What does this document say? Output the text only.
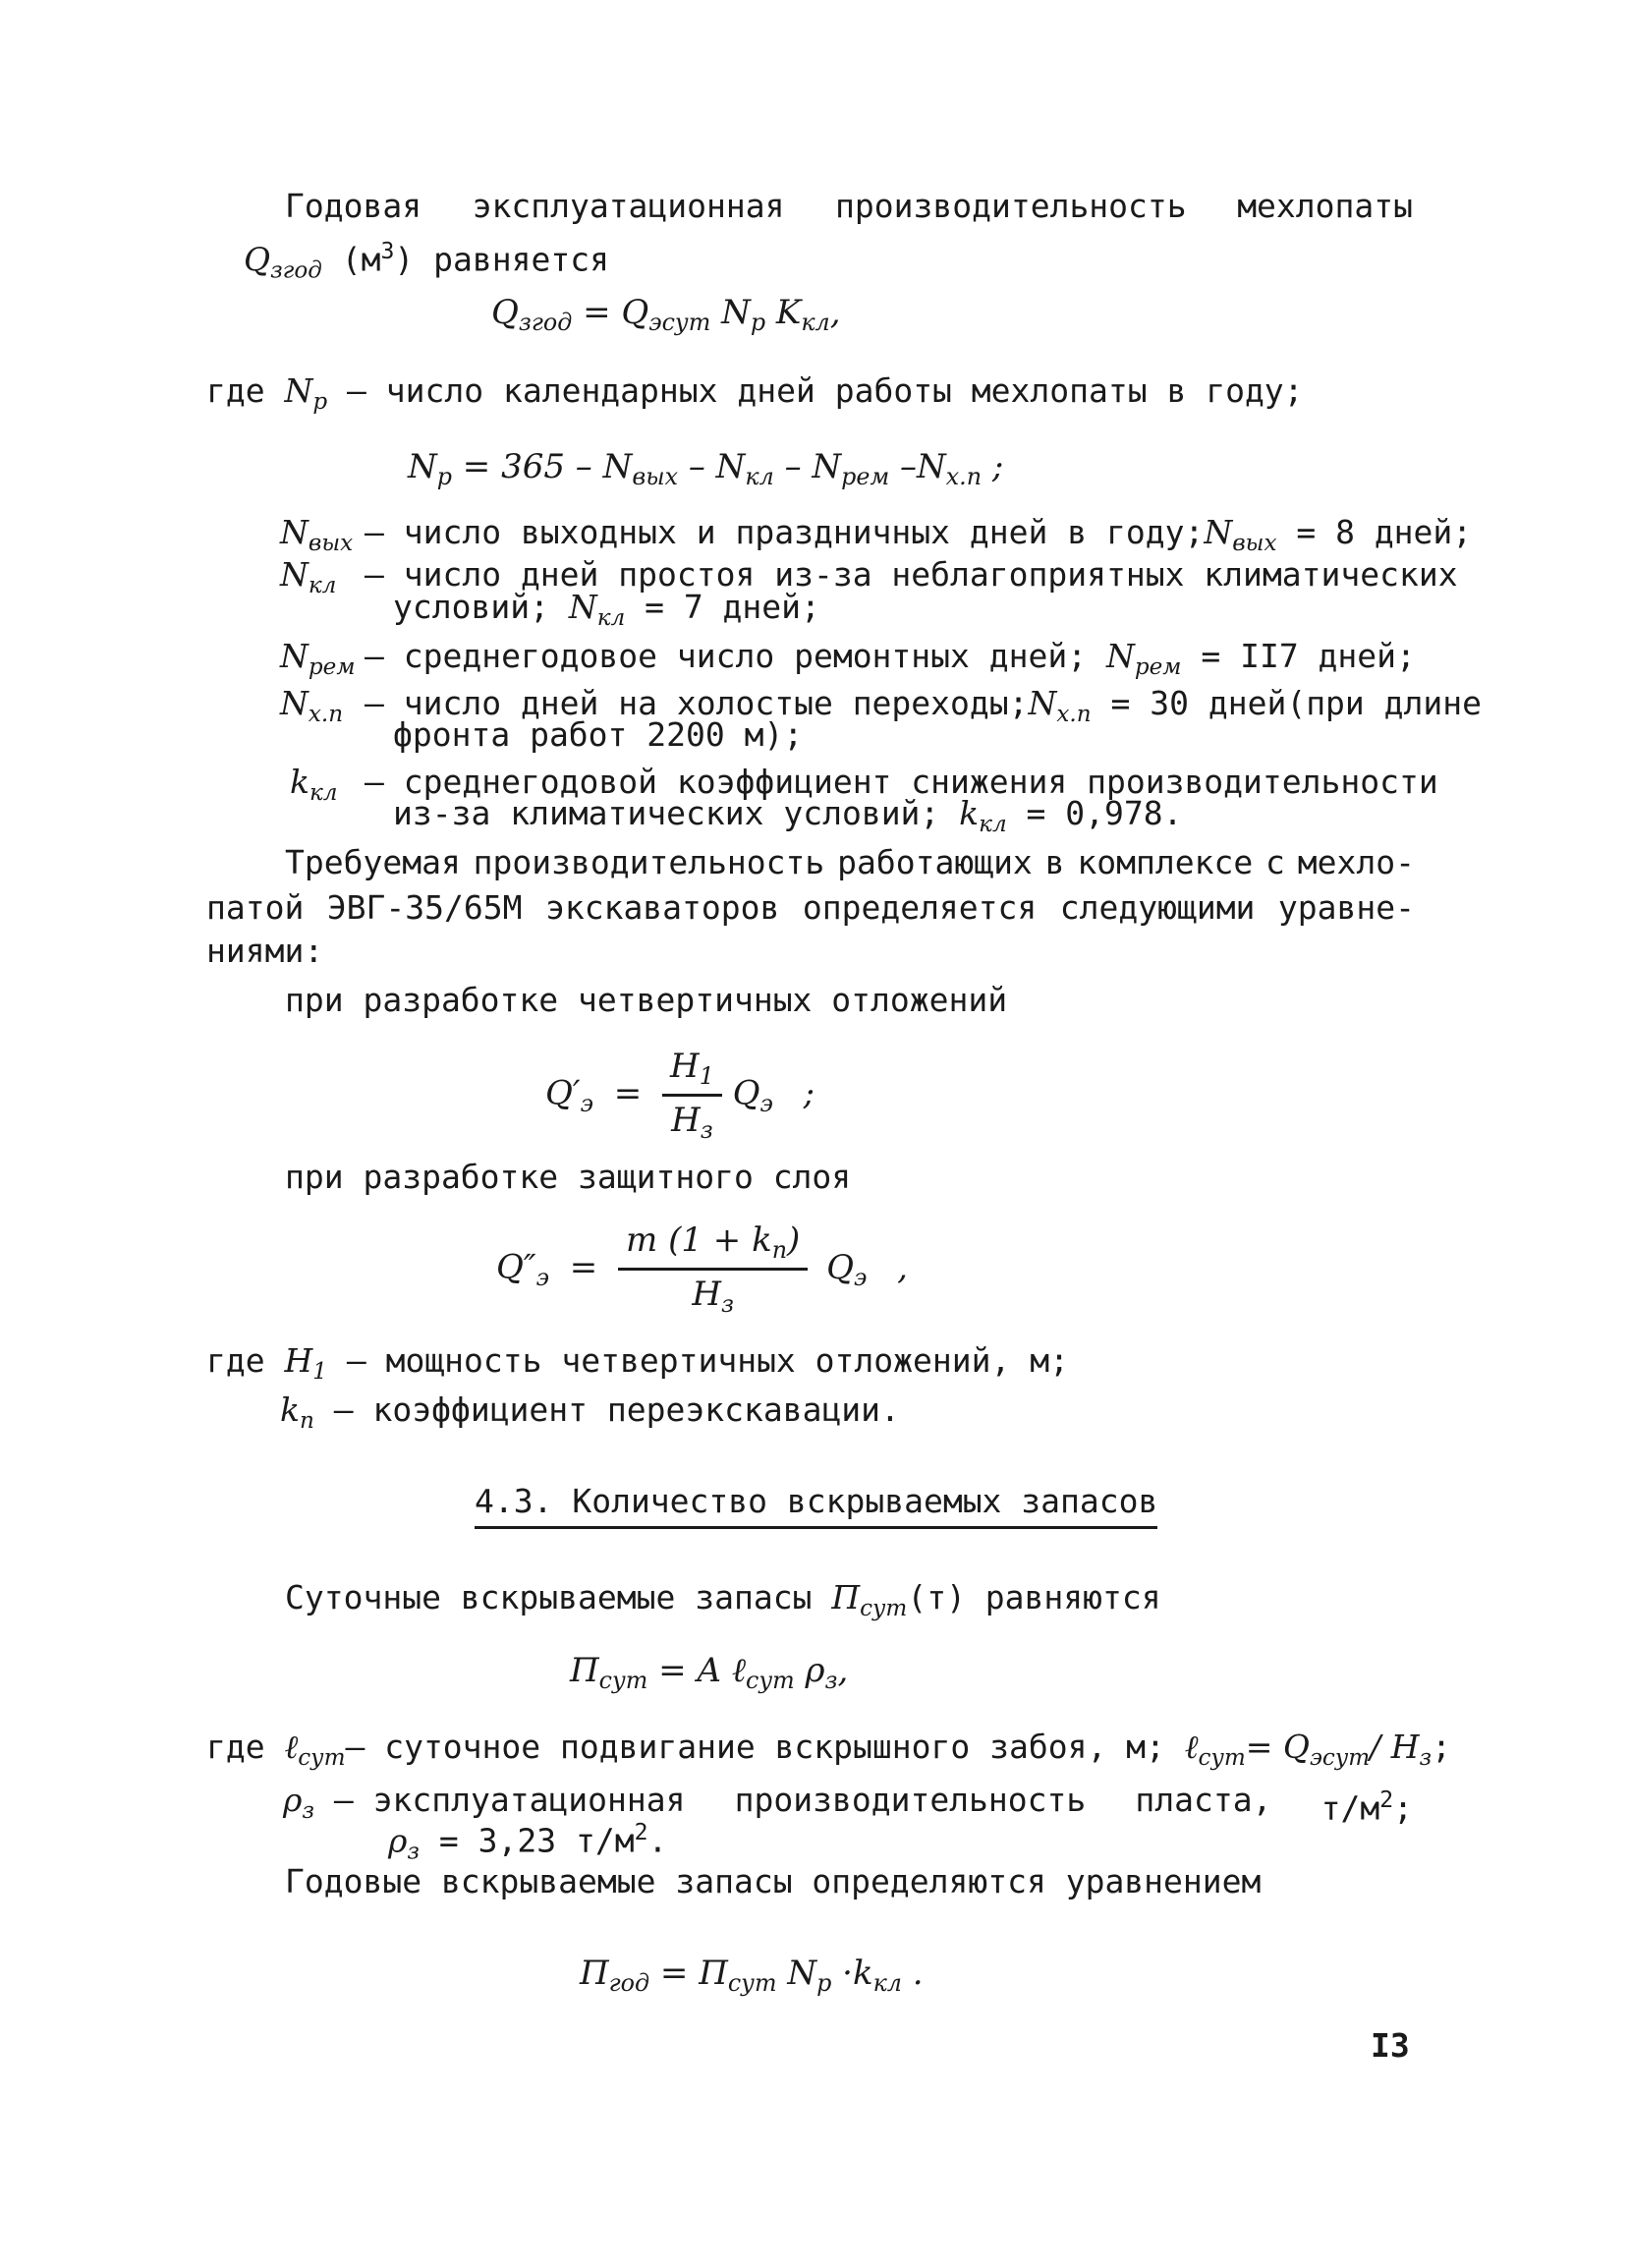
Годовая эксплуатационная производительность мехлопаты
$Q_{згод}$ $(м^3)$ равняется
$Q_{згод} = Q_{эсут}$ $N_р$ $K_{кл}$,
где $N_р$ – число календарных дней работы мехлопаты в году;
$N_р = 365 - N_{вых} - N_{кл} - N_{рем}$ $-N_{х.п}$ ;
$N_{вых}$ – число выходных и праздничных дней в $году;N_{вых} = 8$ дней;
$N_{кл}$ – число дней простоя из-за неблагоприятных климатических
условий; $N_{кл} = 7$ дней;
$N_{рем}$ – среднегодовое число ремонтных дней; $N_{рем} = II7$ дней;
$N_{х.п}$ – число дней на холостые $переходы;N_{х.п} = 30$ дней(при длине
фронта работ 2200 м);
$k_{кл}$ – среднегодовой коэффициент снижения производительности
из-за климатических условий; $k_{кл} = 0,978$.
Требуемая производительность работающих в комплексе с мехло-
патой ЭВГ-35/65М экскаваторов определяется следующими уравне-
ниями:
при разработке четвертичных отложений
$Q'_э = \frac{H_1}{H_з} Q_э$ ;
при разработке защитного слоя
$Q''_э = \frac{m (1 + k_п)}{H_з} Q_э$ ,
где $H_1$ – мощность четвертичных отложений, м;
$k_п$ – коэффициент переэкскавации.
4.3. Количество вскрываемых запасов
Суточные вскрываемые запасы $П_{сут}(т)$ равняются
$П_{сут} = A$ ℓ$_{сут}$ $\rho_з$,
где ℓ$_{сут}$– суточное подвигание вскрышного забоя, м; ℓ$_{сут}$= $Q_{эсут}/$ $H_з$;
$\rho_з$ – эксплуатационная производительность пласта, $т/м^2$;
$\rho_з = 3,23$ $т/м^2$.
Годовые вскрываемые запасы определяются уравнением
$П_{год} = П_{сут}$ $N_р \cdot k_{кл}$ .
I3
